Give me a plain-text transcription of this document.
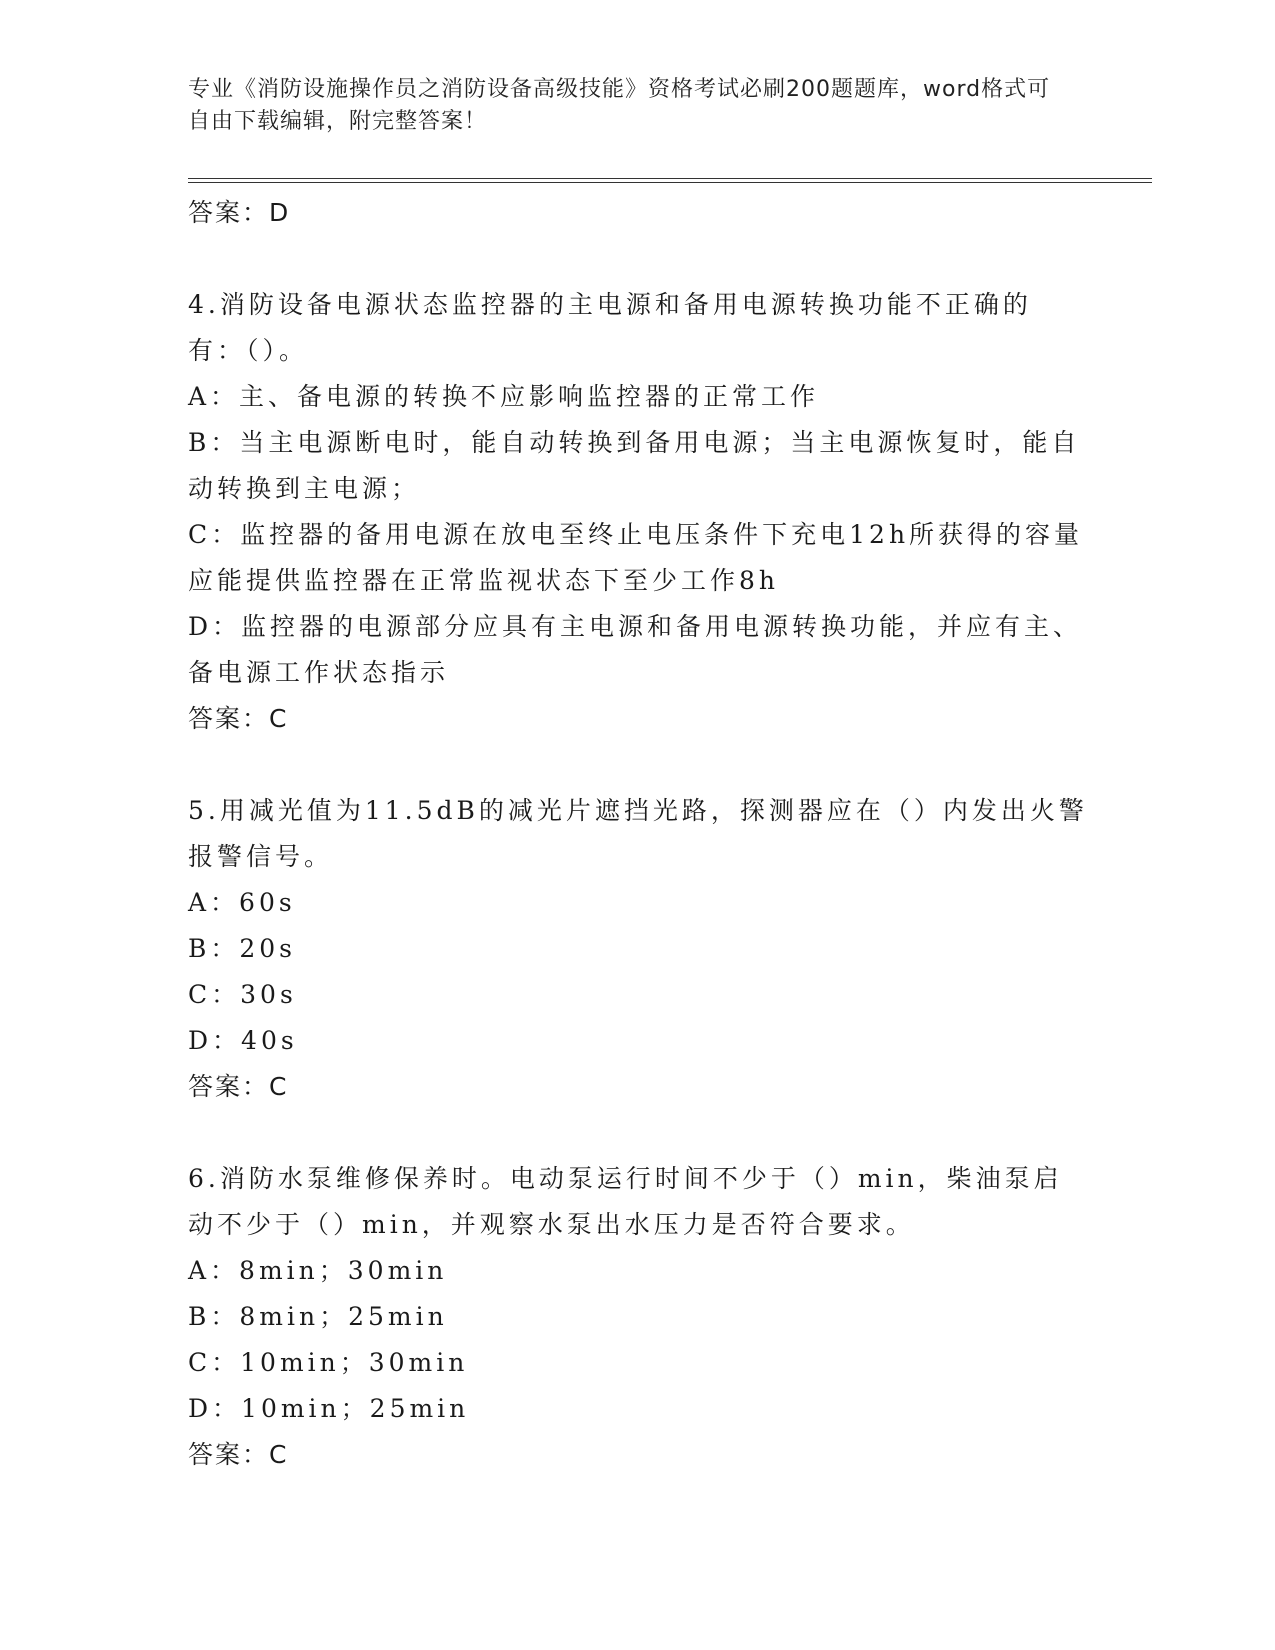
专业《消防设施操作员之消防设备高级技能》资格考试必刷200题题库，word格式可自由下载编辑，附完整答案！
答案：D

4.消防设备电源状态监控器的主电源和备用电源转换功能不正确的有：（）。

A：主、备电源的转换不应影响监控器的正常工作

B：当主电源断电时，能自动转换到备用电源；当主电源恢复时，能自动转换到主电源；

C：监控器的备用电源在放电至终止电压条件下充电12h所获得的容量应能提供监控器在正常监视状态下至少工作8h

D：监控器的电源部分应具有主电源和备用电源转换功能，并应有主、备电源工作状态指示

答案：C

5.用减光值为11.5dB的减光片遮挡光路，探测器应在（）内发出火警报警信号。

A：60s

B：20s

C：30s

D：40s

答案：C

6.消防水泵维修保养时。电动泵运行时间不少于（）min，柴油泵启动不少于（）min，并观察水泵出水压力是否符合要求。

A：8min；30min

B：8min；25min

C：10min；30min

D：10min；25min

答案：C
